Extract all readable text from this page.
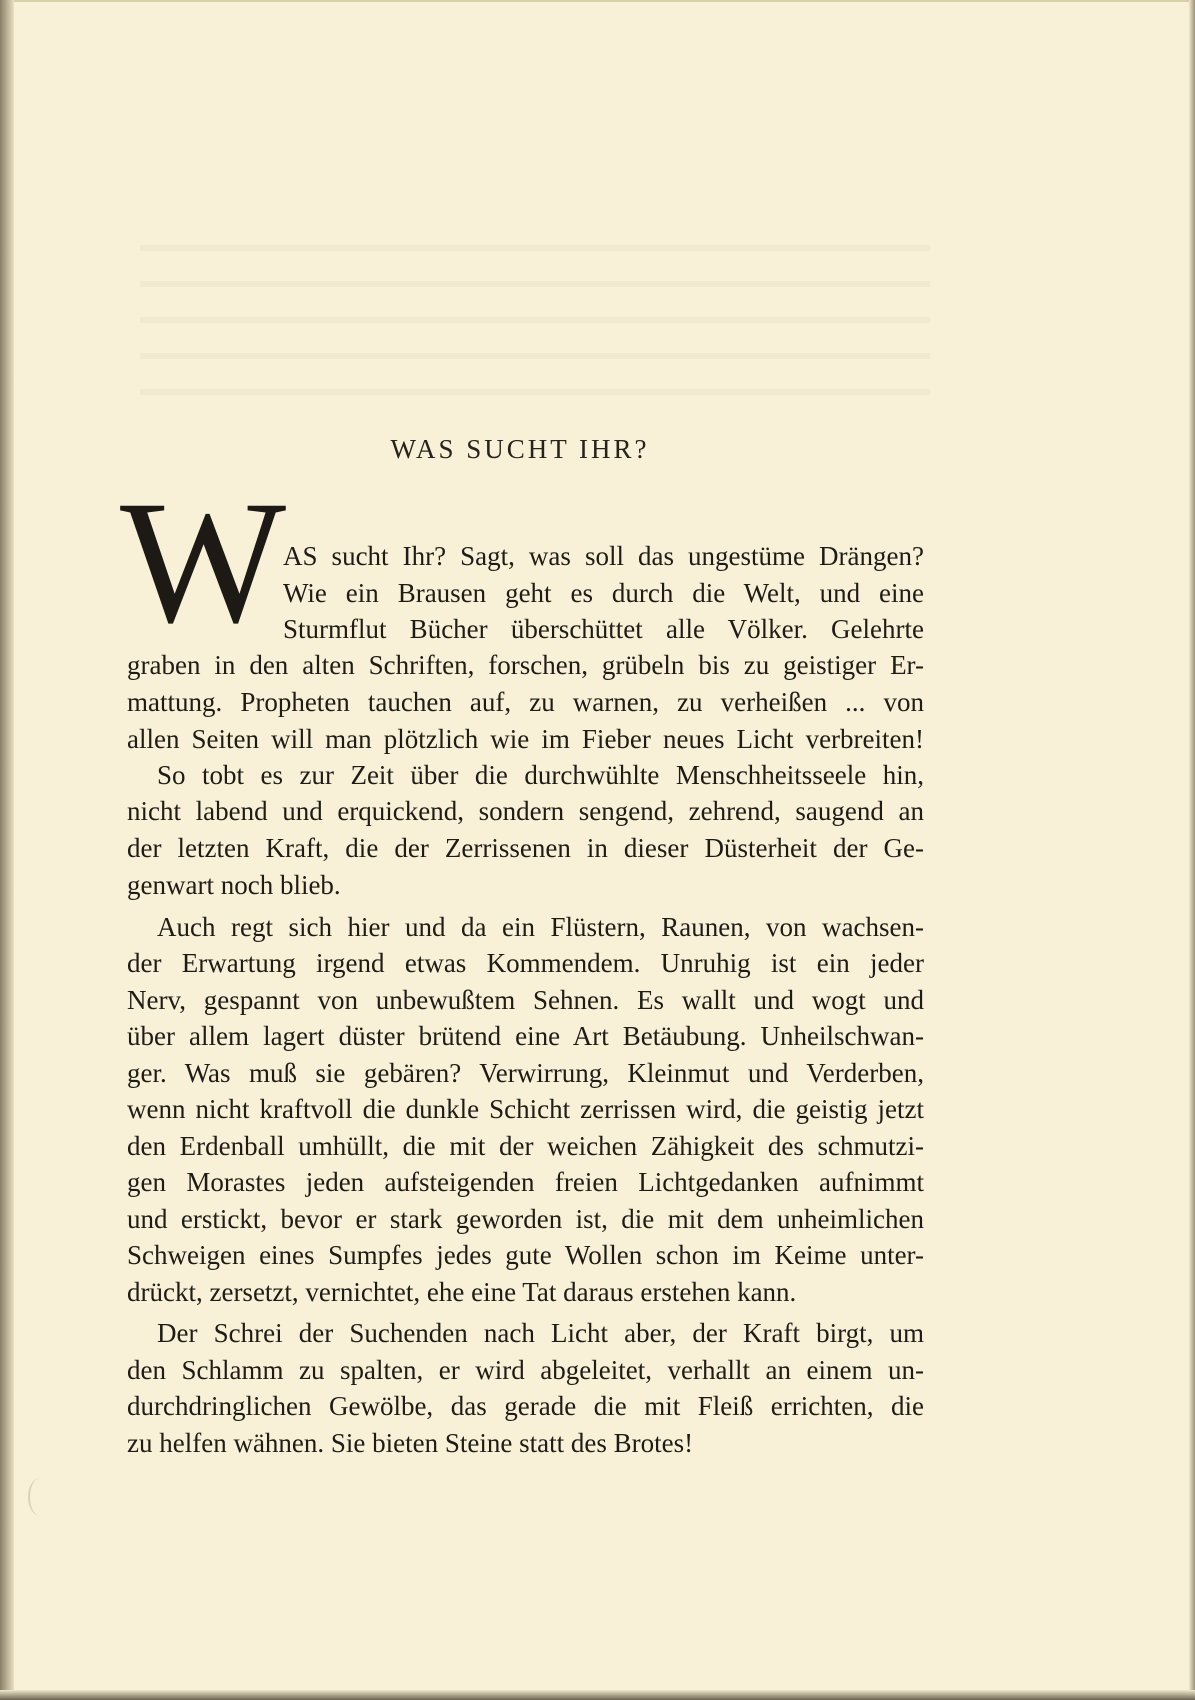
WAS SUCHT IHR?
W
AS sucht Ihr? Sagt, was soll das ungestüme Drängen?
Wie ein Brausen geht es durch die Welt, und eine
Sturmflut Bücher überschüttet alle Völker. Gelehrte
graben in den alten Schriften, forschen, grübeln bis zu geistiger Er-
mattung. Propheten tauchen auf, zu warnen, zu verheißen ... von
allen Seiten will man plötzlich wie im Fieber neues Licht verbreiten!
So tobt es zur Zeit über die durchwühlte Menschheitsseele hin,
nicht labend und erquickend, sondern sengend, zehrend, saugend an
der letzten Kraft, die der Zerrissenen in dieser Düsterheit der Ge-
genwart noch blieb.
Auch regt sich hier und da ein Flüstern, Raunen, von wachsen-
der Erwartung irgend etwas Kommendem. Unruhig ist ein jeder
Nerv, gespannt von unbewußtem Sehnen. Es wallt und wogt und
über allem lagert düster brütend eine Art Betäubung. Unheilschwan-
ger. Was muß sie gebären? Verwirrung, Kleinmut und Verderben,
wenn nicht kraftvoll die dunkle Schicht zerrissen wird, die geistig jetzt
den Erdenball umhüllt, die mit der weichen Zähigkeit des schmutzi-
gen Morastes jeden aufsteigenden freien Lichtgedanken aufnimmt
und erstickt, bevor er stark geworden ist, die mit dem unheimlichen
Schweigen eines Sumpfes jedes gute Wollen schon im Keime unter-
drückt, zersetzt, vernichtet, ehe eine Tat daraus erstehen kann.
Der Schrei der Suchenden nach Licht aber, der Kraft birgt, um
den Schlamm zu spalten, er wird abgeleitet, verhallt an einem un-
durchdringlichen Gewölbe, das gerade die mit Fleiß errichten, die
zu helfen wähnen. Sie bieten Steine statt des Brotes!
